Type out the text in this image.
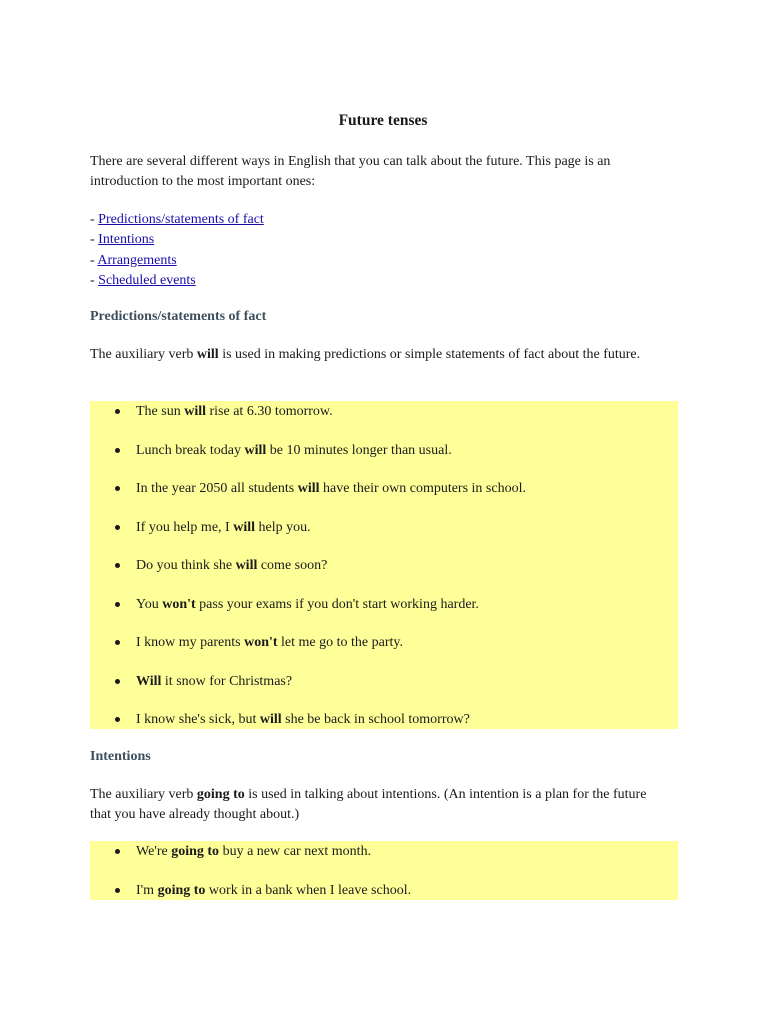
Future tenses

There are several different ways in English that you can talk about the future. This page is an introduction to the most important ones:

- Predictions/statements of fact
- Intentions
- Arrangements
- Scheduled events
Predictions/statements of fact

The auxiliary verb will is used in making predictions or simple statements of fact about the future.

The sun will rise at 6.30 tomorrow.
Lunch break today will be 10 minutes longer than usual.
In the year 2050 all students will have their own computers in school.
If you help me, I will help you.
Do you think she will come soon?
You won't pass your exams if you don't start working harder.
I know my parents won't let me go to the party.
Will it snow for Christmas?
I know she's sick, but will she be back in school tomorrow?
Intentions

The auxiliary verb going to is used in talking about intentions. (An intention is a plan for the future that you have already thought about.)

We're going to buy a new car next month.
I'm going to work in a bank when I leave school.
